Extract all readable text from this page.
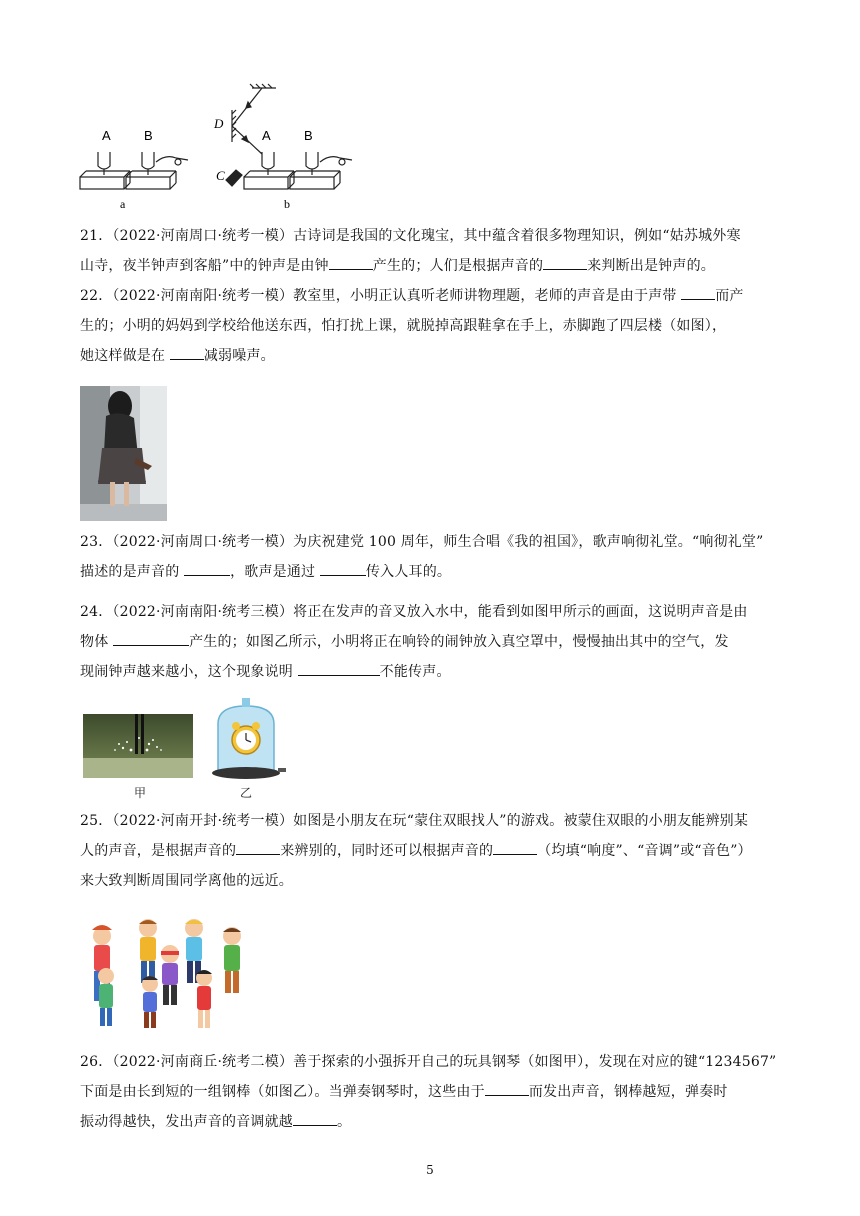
A	B	A	B
C
D
a	b
21．（2022·河南周口·统考一模）古诗词是我国的文化瑰宝，其中蕴含着很多物理知识，例如“姑苏城外寒
山寺，夜半钟声到客船”中的钟声是由钟	产生的；人们是根据声音的	来判断出是钟声的。
22．（2022·河南南阳·统考一模）教室里，小明正认真听老师讲物理题，老师的声音是由于声带 而产
生的；小明的妈妈到学校给他送东西，怕打扰上课，就脱掉高跟鞋拿在手上，赤脚跑了四层楼（如图），
她这样做是在 减弱噪声。
23．（2022·河南周口·统考一模）为庆祝建党 100 周年，师生合唱《我的祖国》，歌声响彻礼堂。“响彻礼堂”
描述的是声音的	，歌声是通过	传入人耳的。
24．（2022·河南南阳·统考三模）将正在发声的音叉放入水中，能看到如图甲所示的画面，这说明声音是由
物体	产生的；如图乙所示，小明将正在响铃的闹钟放入真空罩中，慢慢抽出其中的空气，发
现闹钟声越来越小，这个现象说明	不能传声。
甲	乙
25．（2022·河南开封·统考一模）如图是小朋友在玩“蒙住双眼找人”的游戏。被蒙住双眼的小朋友能辨别某
人的声音，是根据声音的	来辨别的，同时还可以根据声音的	（均填“响度”、“音调”或“音色”）
来大致判断周围同学离他的远近。
26．（2022·河南商丘·统考二模）善于探索的小强拆开自己的玩具钢琴（如图甲），发现在对应的键“1234567”
下面是由长到短的一组钢棒（如图乙）。当弹奏钢琴时，这些由于	而发出声音，钢棒越短，弹奏时
振动得越快，发出声音的音调就越	。
5
